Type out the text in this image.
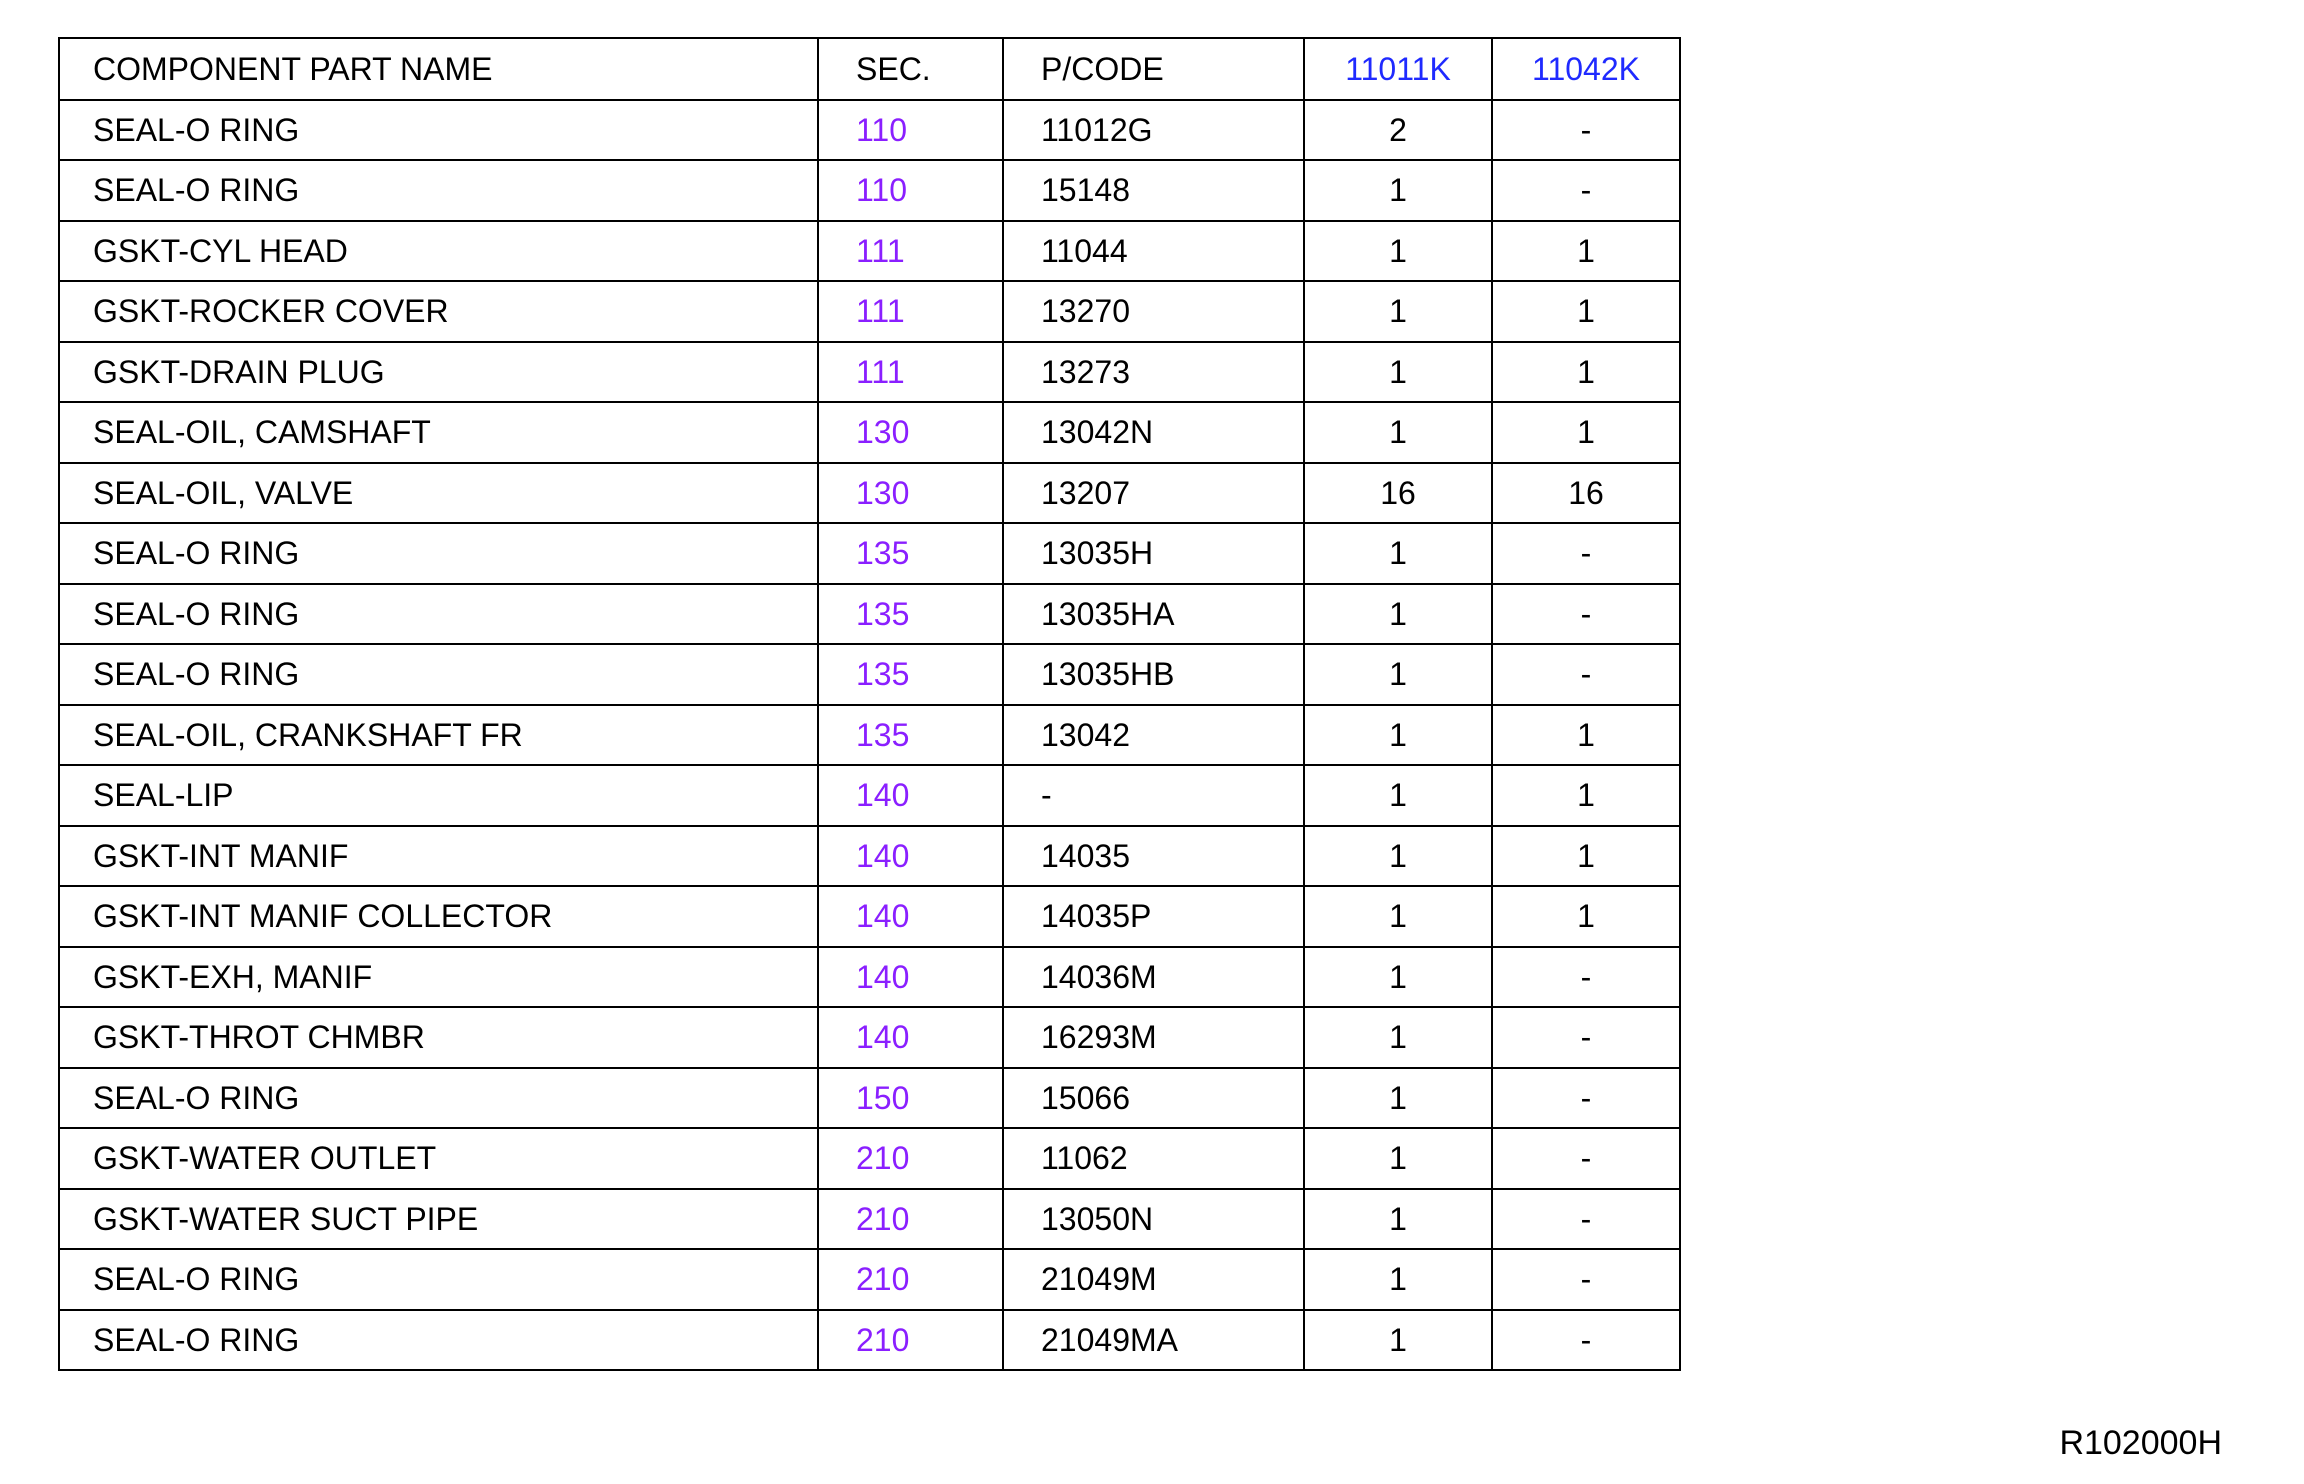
COMPONENT PART NAME	SEC.	P/CODE	11011K	11042K
SEAL-O RING	110	11012G	2	-
SEAL-O RING	110	15148	1	-
GSKT-CYL HEAD	111	11044	1	1
GSKT-ROCKER COVER	111	13270	1	1
GSKT-DRAIN PLUG	111	13273	1	1
SEAL-OIL, CAMSHAFT	130	13042N	1	1
SEAL-OIL, VALVE	130	13207	16	16
SEAL-O RING	135	13035H	1	-
SEAL-O RING	135	13035HA	1	-
SEAL-O RING	135	13035HB	1	-
SEAL-OIL, CRANKSHAFT FR	135	13042	1	1
SEAL-LIP	140	-	1	1
GSKT-INT MANIF	140	14035	1	1
GSKT-INT MANIF COLLECTOR	140	14035P	1	1
GSKT-EXH, MANIF	140	14036M	1	-
GSKT-THROT CHMBR	140	16293M	1	-
SEAL-O RING	150	15066	1	-
GSKT-WATER OUTLET	210	11062	1	-
GSKT-WATER SUCT PIPE	210	13050N	1	-
SEAL-O RING	210	21049M	1	-
SEAL-O RING	210	21049MA	1	-
R102000H
